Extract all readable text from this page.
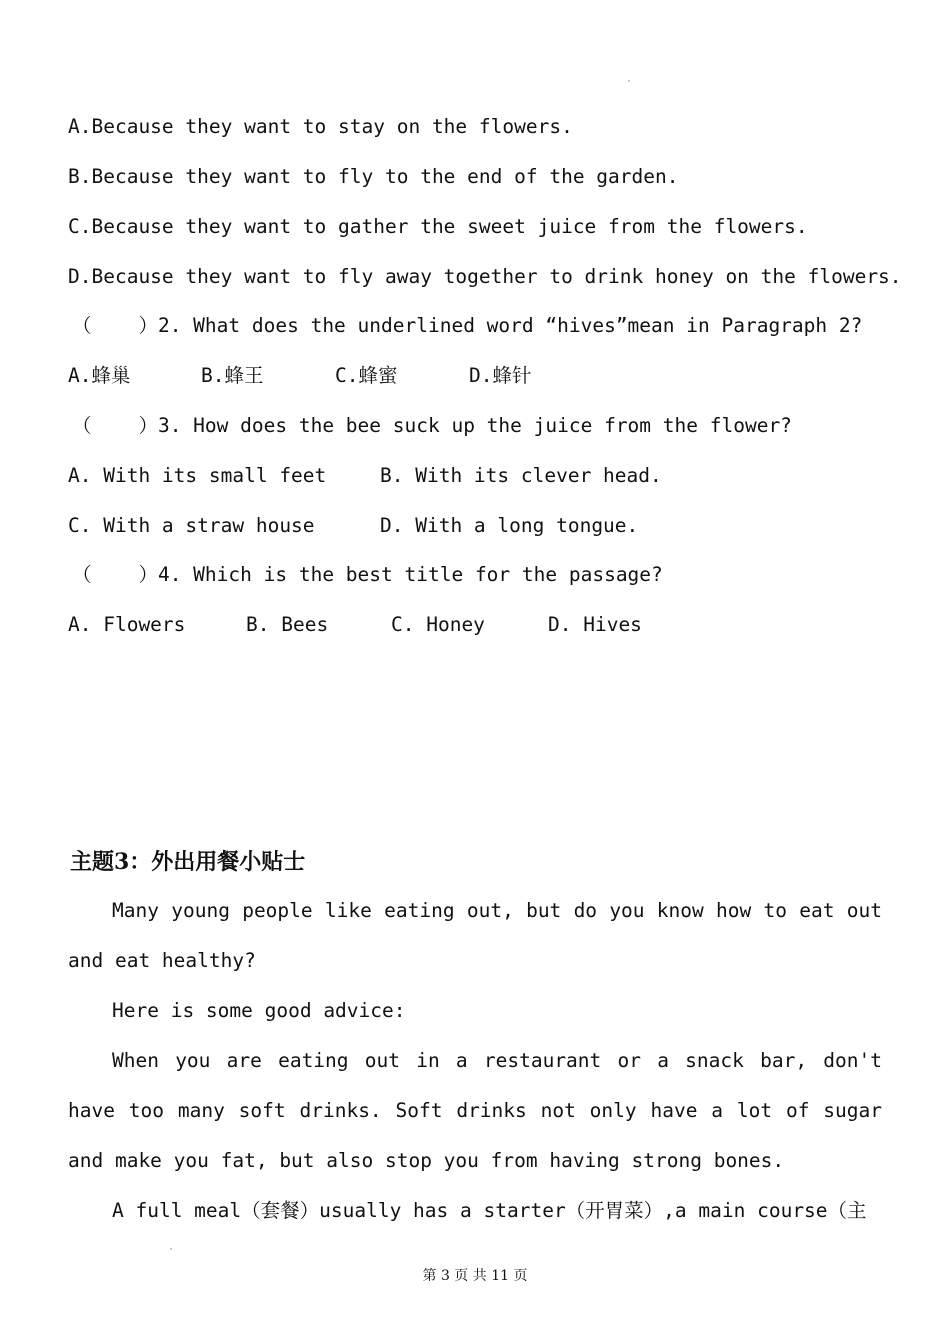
A.Because they want to stay on the flowers.
B.Because they want to fly to the end of the garden.
C.Because they want to gather the sweet juice from the flowers.
D.Because they want to fly away together to drink honey on the flowers.
（    ）2. What does the underlined word “hives”mean in Paragraph 2?
A.蜂巢	B.蜂王	C.蜂蜜	D.蜂针
（    ）3. How does the bee suck up the juice from the flower?
A. With its small feet	B. With its clever head.
C. With a straw house	D. With a long tongue.
（    ）4. Which is the best title for the passage?
A. Flowers	B. Bees	C. Honey	D. Hives
主题3：外出用餐小贴士
Many young people like eating out, but do you know how to eat out and eat healthy?
Here is some good advice:
When you are eating out in a restaurant or a snack bar, don't have too many soft drinks. Soft drinks not only have a lot of sugar and make you fat, but also stop you from having strong bones.
A full meal（套餐）usually has a starter（开胃菜）,a main course（主
第 3 页 共 11 页
